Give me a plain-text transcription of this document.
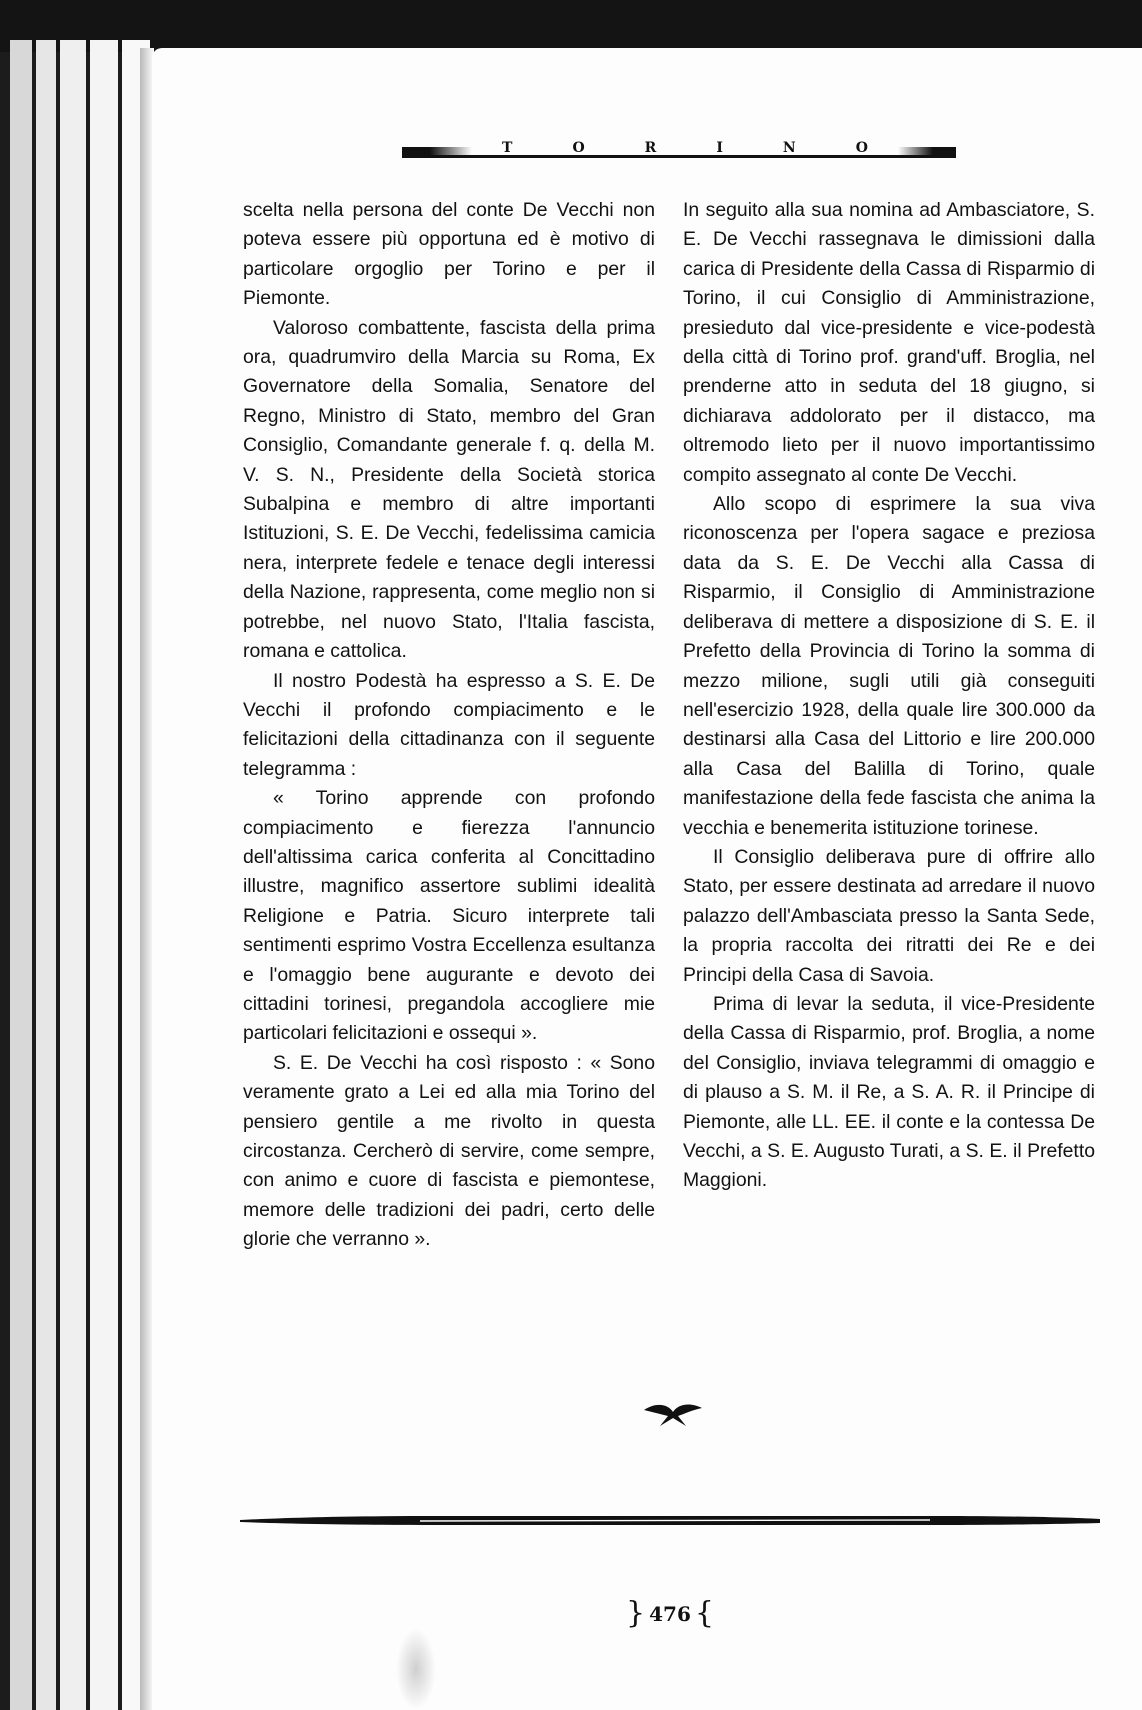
T	O	R	I	N	O

scelta nella persona del conte De Vecchi non poteva essere più opportuna ed è motivo di particolare orgoglio per Torino e per il Piemonte.

Valoroso combattente, fascista della prima ora, quadrumviro della Marcia su Roma, Ex Governatore della Somalia, Senatore del Regno, Ministro di Stato, membro del Gran Consiglio, Comandante generale f. q. della M. V. S. N., Presidente della Società storica Subalpina e membro di altre importanti Istituzioni, S. E. De Vecchi, fedelissima camicia nera, interprete fedele e tenace degli interessi della Nazione, rappresenta, come meglio non si potrebbe, nel nuovo Stato, l'Italia fascista, romana e cattolica.

Il nostro Podestà ha espresso a S. E. De Vecchi il profondo compiacimento e le felicitazioni della cittadinanza con il seguente telegramma :

« Torino apprende con profondo compiacimento e fierezza l'annuncio dell'altissima carica conferita al Concittadino illustre, magnifico assertore sublimi idealità Religione e Patria. Sicuro interprete tali sentimenti esprimo Vostra Eccellenza esultanza e l'omaggio bene augurante e devoto dei cittadini torinesi, pregandola accogliere mie particolari felicitazioni e ossequi ».

S. E. De Vecchi ha così risposto : « Sono veramente grato a Lei ed alla mia Torino del pensiero gentile a me rivolto in questa circostanza. Cercherò di servire, come sempre, con animo e cuore di fascista e piemontese, memore delle tradizioni dei padri, certo delle glorie che verranno ».

In seguito alla sua nomina ad Ambasciatore, S. E. De Vecchi rassegnava le dimissioni dalla carica di Presidente della Cassa di Risparmio di Torino, il cui Consiglio di Amministrazione, presieduto dal vice-presidente e vice-podestà della città di Torino prof. grand'uff. Broglia, nel prenderne atto in seduta del 18 giugno, si dichiarava addolorato per il distacco, ma oltremodo lieto per il nuovo importantissimo compito assegnato al conte De Vecchi.

Allo scopo di esprimere la sua viva riconoscenza per l'opera sagace e preziosa data da S. E. De Vecchi alla Cassa di Risparmio, il Consiglio di Amministrazione deliberava di mettere a disposizione di S. E. il Prefetto della Provincia di Torino la somma di mezzo milione, sugli utili già conseguiti nell'esercizio 1928, della quale lire 300.000 da destinarsi alla Casa del Littorio e lire 200.000 alla Casa del Balilla di Torino, quale manifestazione della fede fascista che anima la vecchia e benemerita istituzione torinese.

Il Consiglio deliberava pure di offrire allo Stato, per essere destinata ad arredare il nuovo palazzo dell'Ambasciata presso la Santa Sede, la propria raccolta dei ritratti dei Re e dei Principi della Casa di Savoia.

Prima di levar la seduta, il vice-Presidente della Cassa di Risparmio, prof. Broglia, a nome del Consiglio, inviava telegrammi di omaggio e di plauso a S. M. il Re, a S. A. R. il Principe di Piemonte, alle LL. EE. il conte e la contessa De Vecchi, a S. E. Augusto Turati, a S. E. il Prefetto Maggioni.

} 476 {
